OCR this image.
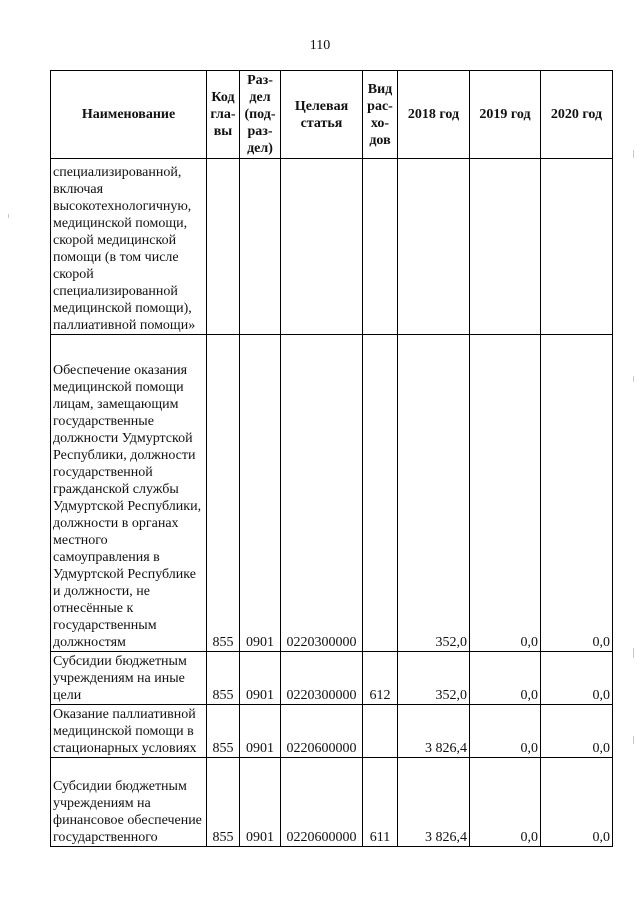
110
Наименование	Код гла-вы	Раз-дел (под-раз-дел)	Целевая статья	Вид рас-хо-дов	2018 год	2019 год	2020 год
специализированной, включая высокотехнологичную, медицинской помощи, скорой медицинской помощи (в том числе скорой специализированной медицинской помощи), паллиативной помощи»							
Обеспечение оказания медицинской помощи лицам, замещающим государственные должности Удмуртской Республики, должности государственной гражданской службы Удмуртской Республики, должности в органах местного самоуправления в Удмуртской Республике и должности, не отнесённые к государственным должностям	855	0901	0220300000		352,0	0,0	0,0
Субсидии бюджетным учреждениям на иные цели	855	0901	0220300000	612	352,0	0,0	0,0
Оказание паллиативной медицинской помощи в стационарных условиях	855	0901	0220600000		3 826,4	0,0	0,0
Субсидии бюджетным учреждениям на финансовое обеспечение государственного	855	0901	0220600000	611	3 826,4	0,0	0,0
